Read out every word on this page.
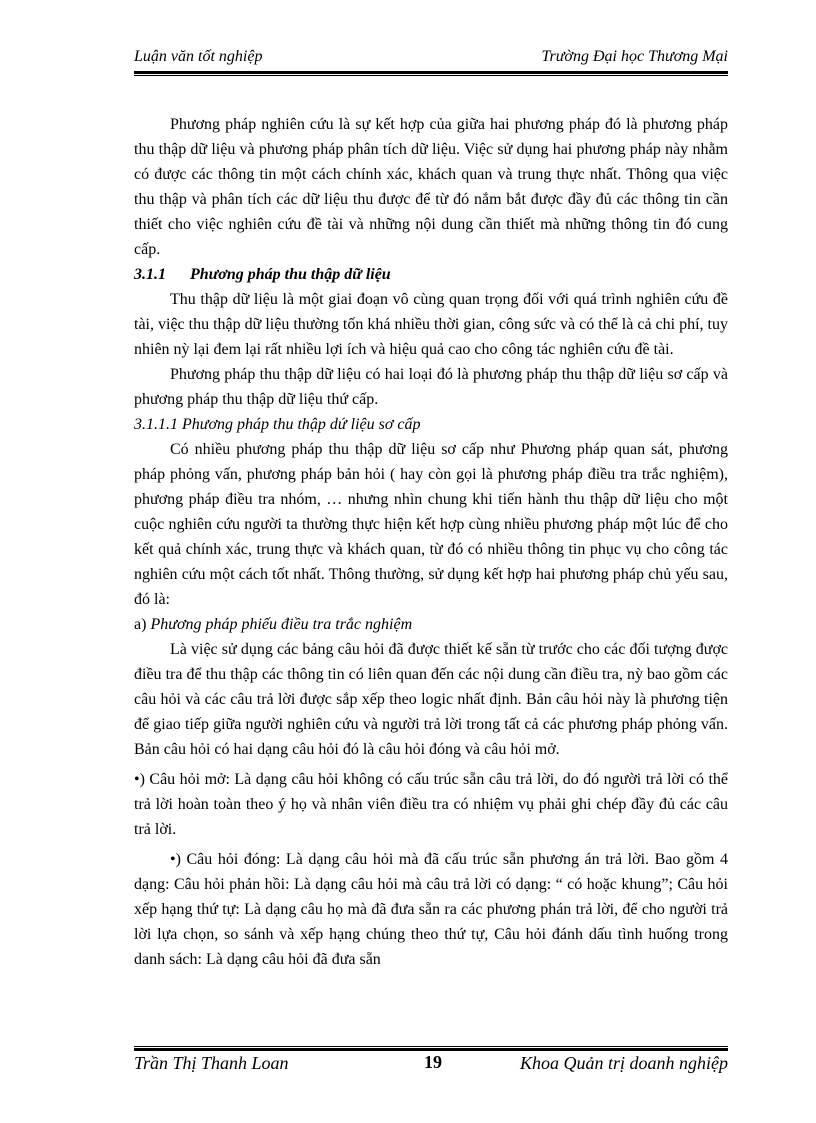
Luận văn tốt nghiệp	Trường Đại học Thương Mại

Phương pháp nghiên cứu là sự kết hợp của giữa hai phương pháp đó là phương pháp thu thập dữ liệu và phương pháp phân tích dữ liệu. Việc sử dụng hai phương pháp này nhằm có được các thông tin một cách chính xác, khách quan và trung thực nhất. Thông qua việc thu thập và phân tích các dữ liệu thu được để từ đó nắm bắt được đầy đủ các thông tin cần thiết cho việc nghiên cứu đề tài và những nội dung cần thiết mà những thông tin đó cung cấp.

3.1.1 Phương pháp thu thập dữ liệu

Thu thập dữ liệu là một giai đoạn vô cùng quan trọng đối với quá trình nghiên cứu đề tài, việc thu thập dữ liệu thường tốn khá nhiều thời gian, công sức và có thể là cả chi phí, tuy nhiên nỳ lại đem lại rất nhiều lợi ích và hiệu quả cao cho công tác nghiên cứu đề tài.

Phương pháp thu thập dữ liệu có hai loại đó là phương pháp thu thập dữ liệu sơ cấp và phương pháp thu thập dữ liệu thứ cấp.

3.1.1.1 Phương pháp thu thập dứ liệu sơ cấp

Có nhiều phương pháp thu thập dữ liệu sơ cấp như Phương pháp quan sát, phương pháp phỏng vấn, phương pháp bản hỏi ( hay còn gọi là phương pháp điều tra trắc nghiệm), phương pháp điều tra nhóm, … nhưng nhìn chung khi tiến hành thu thập dữ liệu cho một cuộc nghiên cứu người ta thường thực hiện kết hợp cùng nhiều phương pháp một lúc để cho kết quả chính xác, trung thực và khách quan, từ đó có nhiều thông tin phục vụ cho công tác nghiên cứu một cách tốt nhất. Thông thường, sử dụng kết hợp hai phương pháp chủ yếu sau, đó là:

a) Phương pháp phiếu điều tra trắc nghiệm

Là việc sử dụng các bảng câu hỏi đã được thiết kế sẵn từ trước cho các đối tượng được điều tra để thu thập các thông tin có liên quan đến các nội dung cần điều tra, nỳ bao gồm các câu hỏi và các câu trả lời được sắp xếp theo logic nhất định. Bản câu hỏi này là phương tiện để giao tiếp giữa người nghiên cứu và người trả lời trong tất cả các phương pháp phỏng vấn. Bản câu hỏi có hai dạng câu hỏi đó là câu hỏi đóng và câu hỏi mở.

•) Câu hỏi mở: Là dạng câu hỏi không có cấu trúc sẵn câu trả lời, do đó người trả lời có thể trả lời hoàn toàn theo ý họ và nhân viên điều tra có nhiệm vụ phải ghi chép đầy đủ các câu trả lời.

•) Câu hỏi đóng: Là dạng câu hỏi mà đã cấu trúc sẵn phương án trả lời. Bao gồm 4 dạng: Câu hỏi phản hồi: Là dạng câu hỏi mà câu trả lời có dạng: “ có hoặc khung”; Câu hỏi xếp hạng thứ tự: Là dạng câu họ mà đã đưa sẵn ra các phương phán trả lời, để cho người trả lời lựa chọn, so sánh và xếp hạng chúng theo thứ tự, Câu hỏi đánh dấu tình huống trong danh sách: Là dạng câu hỏi đã đưa sẵn

Trần Thị Thanh Loan	19	Khoa Quản trị doanh nghiệp
